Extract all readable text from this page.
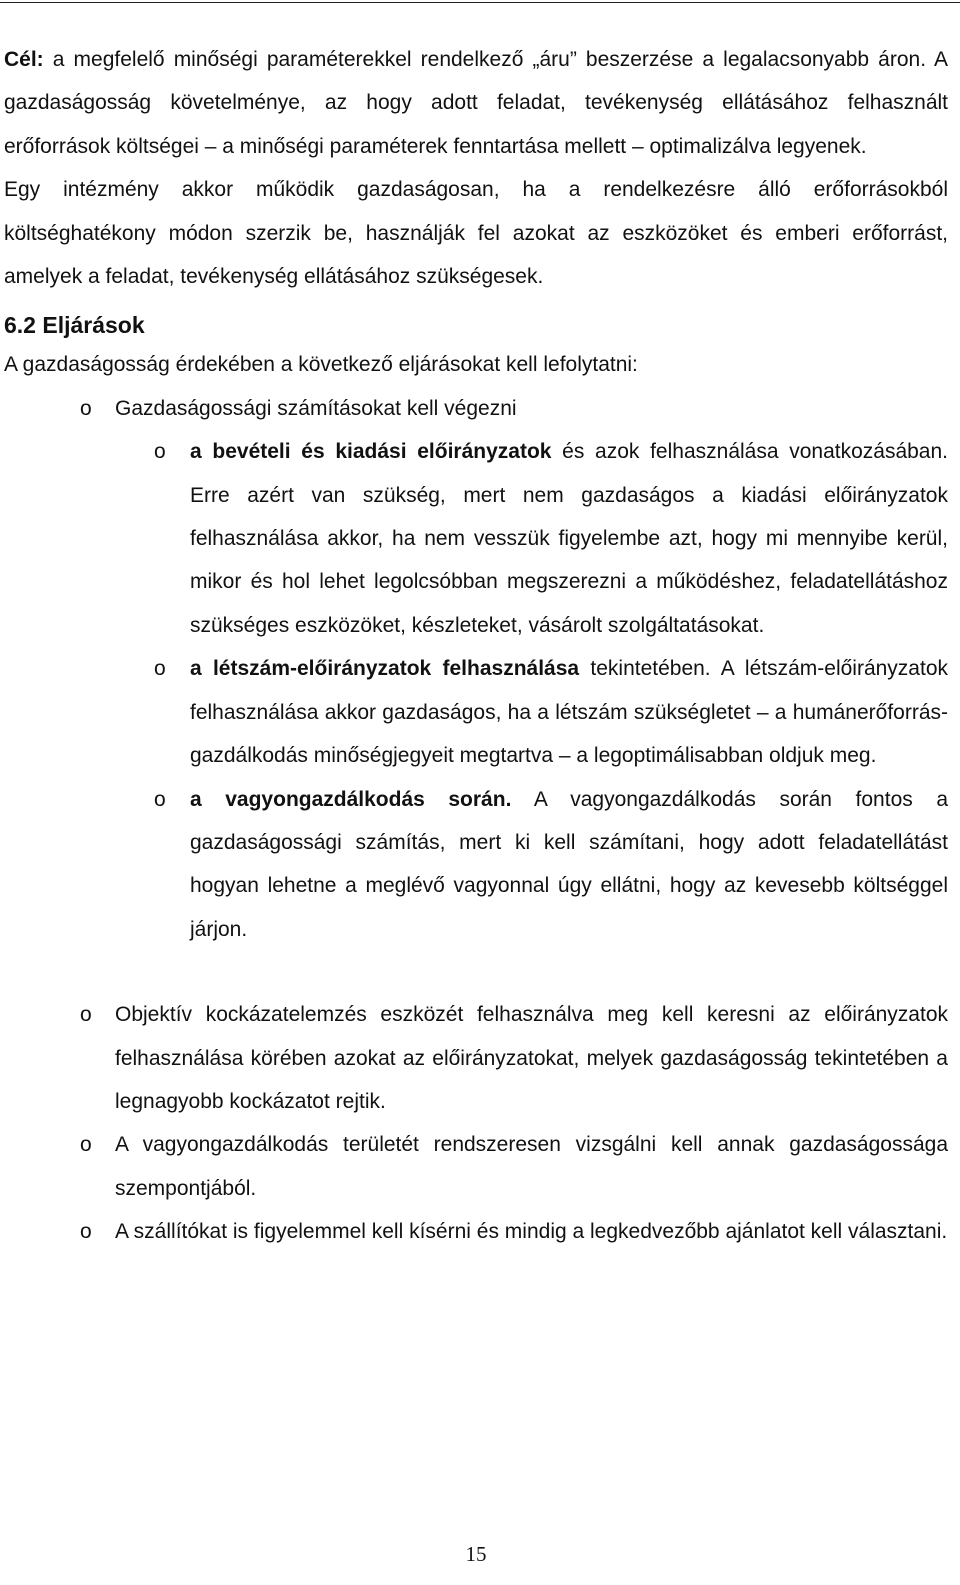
Cél: a megfelelő minőségi paraméterekkel rendelkező „áru” beszerzése a legalacsonyabb áron. A gazdaságosság követelménye, az hogy adott feladat, tevékenység ellátásához felhasznált erőforrások költségei – a minőségi paraméterek fenntartása mellett – optimalizálva legyenek.

Egy intézmény akkor működik gazdaságosan, ha a rendelkezésre álló erőforrásokból költséghatékony módon szerzik be, használják fel azokat az eszközöket és emberi erőforrást, amelyek a feladat, tevékenység ellátásához szükségesek.

6.2 Eljárások

A gazdaságosság érdekében a következő eljárásokat kell lefolytatni:

o Gazdaságossági számításokat kell végezni

o a bevételi és kiadási előirányzatok és azok felhasználása vonatkozásában. Erre azért van szükség, mert nem gazdaságos a kiadási előirányzatok felhasználása akkor, ha nem vesszük figyelembe azt, hogy mi mennyibe kerül, mikor és hol lehet legolcsóbban megszerezni a működéshez, feladatellátáshoz szükséges eszközöket, készleteket, vásárolt szolgáltatásokat.

o a létszám-előirányzatok felhasználása tekintetében. A létszám-előirányzatok felhasználása akkor gazdaságos, ha a létszám szükségletet – a humánerőforrás-gazdálkodás minőségjegyeit megtartva – a legoptimálisabban oldjuk meg.

o a vagyongazdálkodás során. A vagyongazdálkodás során fontos a gazdaságossági számítás, mert ki kell számítani, hogy adott feladatellátást hogyan lehetne a meglévő vagyonnal úgy ellátni, hogy az kevesebb költséggel járjon.

o Objektív kockázatelemzés eszközét felhasználva meg kell keresni az előirányzatok felhasználása körében azokat az előirányzatokat, melyek gazdaságosság tekintetében a legnagyobb kockázatot rejtik.

o A vagyongazdálkodás területét rendszeresen vizsgálni kell annak gazdaságossága szempontjából.

o A szállítókat is figyelemmel kell kísérni és mindig a legkedvezőbb ajánlatot kell választani.

15
